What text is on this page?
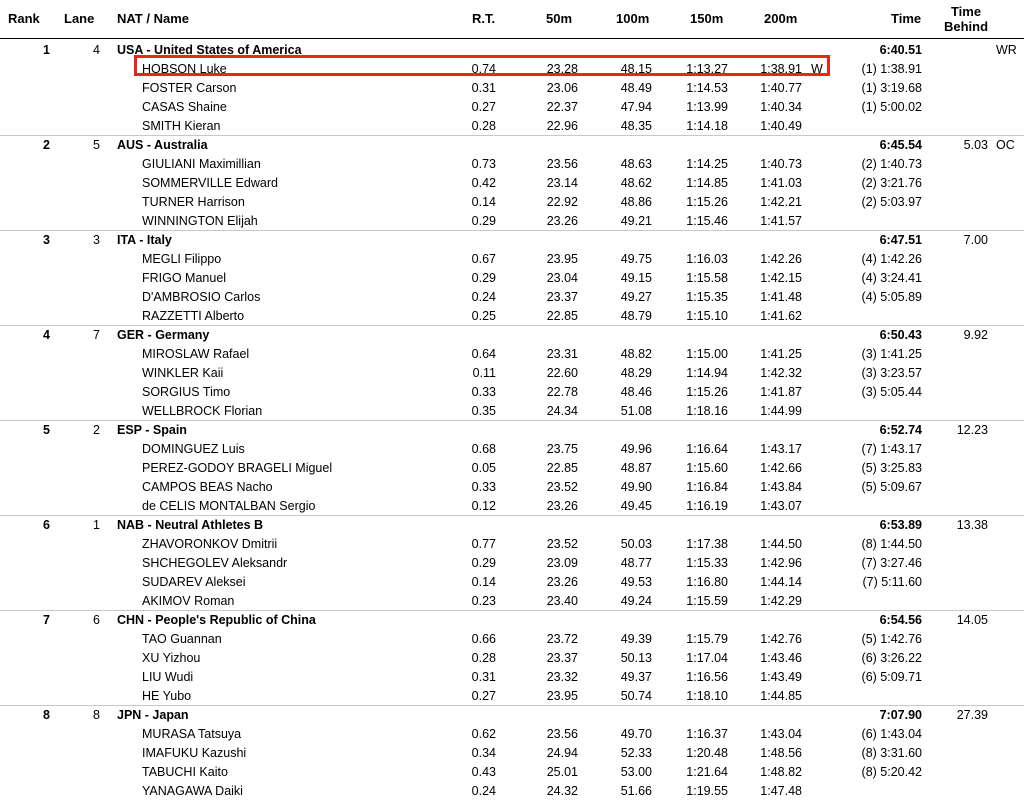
Rank Lane NAT / Name	R.T.	50m	100m	150m	200m	Time	Time
Behind
1	4 USA - United States of America	6:40.51	WR
HOBSON Luke	0.74	23.28	48.15	1:13.27	1:38.91 W	(1) 1:38.91
FOSTER Carson	0.31	23.06	48.49	1:14.53	1:40.77	(1) 3:19.68
CASAS Shaine	0.27	22.37	47.94	1:13.99	1:40.34	(1) 5:00.02
SMITH Kieran	0.28	22.96	48.35	1:14.18	1:40.49
2	5 AUS - Australia	6:45.54	5.03 OC
GIULIANI Maximillian	0.73	23.56	48.63	1:14.25	1:40.73	(2) 1:40.73
SOMMERVILLE Edward	0.42	23.14	48.62	1:14.85	1:41.03	(2) 3:21.76
TURNER Harrison	0.14	22.92	48.86	1:15.26	1:42.21	(2) 5:03.97
WINNINGTON Elijah	0.29	23.26	49.21	1:15.46	1:41.57
3	3 ITA - Italy	6:47.51	7.00
MEGLI Filippo	0.67	23.95	49.75	1:16.03	1:42.26	(4) 1:42.26
FRIGO Manuel	0.29	23.04	49.15	1:15.58	1:42.15	(4) 3:24.41
D'AMBROSIO Carlos	0.24	23.37	49.27	1:15.35	1:41.48	(4) 5:05.89
RAZZETTI Alberto	0.25	22.85	48.79	1:15.10	1:41.62
4	7 GER - Germany	6:50.43	9.92
MIROSLAW Rafael	0.64	23.31	48.82	1:15.00	1:41.25	(3) 1:41.25
WINKLER Kaii	0.11	22.60	48.29	1:14.94	1:42.32	(3) 3:23.57
SORGIUS Timo	0.33	22.78	48.46	1:15.26	1:41.87	(3) 5:05.44
WELLBROCK Florian	0.35	24.34	51.08	1:18.16	1:44.99
5	2 ESP - Spain	6:52.74	12.23
DOMINGUEZ Luis	0.68	23.75	49.96	1:16.64	1:43.17	(7) 1:43.17
PEREZ-GODOY BRAGELI Miguel	0.05	22.85	48.87	1:15.60	1:42.66	(5) 3:25.83
CAMPOS BEAS Nacho	0.33	23.52	49.90	1:16.84	1:43.84	(5) 5:09.67
de CELIS MONTALBAN Sergio	0.12	23.26	49.45	1:16.19	1:43.07
6	1 NAB - Neutral Athletes B	6:53.89	13.38
ZHAVORONKOV Dmitrii	0.77	23.52	50.03	1:17.38	1:44.50	(8) 1:44.50
SHCHEGOLEV Aleksandr	0.29	23.09	48.77	1:15.33	1:42.96	(7) 3:27.46
SUDAREV Aleksei	0.14	23.26	49.53	1:16.80	1:44.14	(7) 5:11.60
AKIMOV Roman	0.23	23.40	49.24	1:15.59	1:42.29
7	6 CHN - People's Republic of China	6:54.56	14.05
TAO Guannan	0.66	23.72	49.39	1:15.79	1:42.76	(5) 1:42.76
XU Yizhou	0.28	23.37	50.13	1:17.04	1:43.46	(6) 3:26.22
LIU Wudi	0.31	23.32	49.37	1:16.56	1:43.49	(6) 5:09.71
HE Yubo	0.27	23.95	50.74	1:18.10	1:44.85
8	8 JPN - Japan	7:07.90	27.39
MURASA Tatsuya	0.62	23.56	49.70	1:16.37	1:43.04	(6) 1:43.04
IMAFUKU Kazushi	0.34	24.94	52.33	1:20.48	1:48.56	(8) 3:31.60
TABUCHI Kaito	0.43	25.01	53.00	1:21.64	1:48.82	(8) 5:20.42
YANAGAWA Daiki	0.24	24.32	51.66	1:19.55	1:47.48
